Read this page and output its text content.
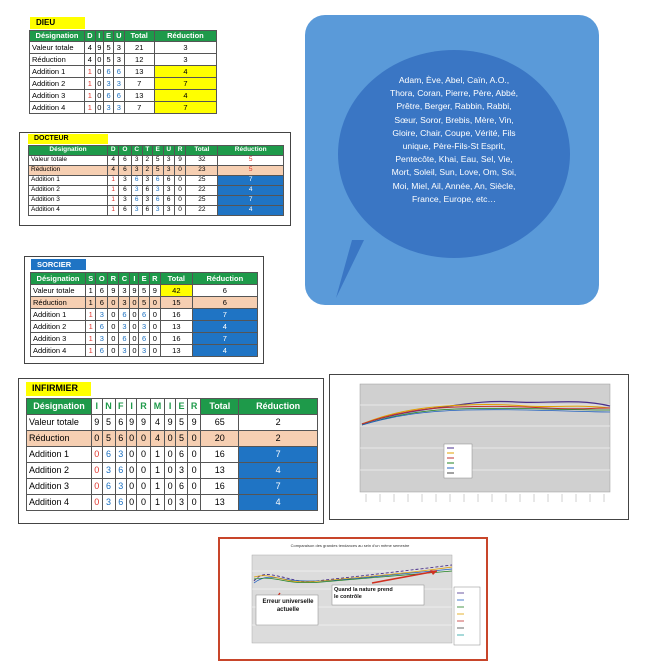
DIEU
Désignation	D	I	E	U	Total	Réduction
Valeur totale	4	9	5	3	21	3
Réduction	4	0	5	3	12	3
Addition 1	1	0	6	6	13	4
Addition 2	1	0	3	3	7	7
Addition 3	1	0	6	6	13	4
Addition 4	1	0	3	3	7	7
DOCTEUR
Désignation	D	O	C	T	E	U	R	Total	Réduction
Valeur totale	4	6	3	2	5	3	9	32	5
Réduction	4	6	3	2	5	3	0	23	5
Addition 1	1	3	6	3	6	6	0	25	7
Addition 2	1	6	3	6	3	3	0	22	4
Addition 3	1	3	6	3	6	6	0	25	7
Addition 4	1	6	3	6	3	3	0	22	4
SORCIER
Désignation	S	O	R	C	I	E	R	Total	Réduction
Valeur totale	1	6	9	3	9	5	9	42	6
Réduction	1	6	0	3	0	5	0	15	6
Addition 1	1	3	0	6	0	6	0	16	7
Addition 2	1	6	0	3	0	3	0	13	4
Addition 3	1	3	0	6	0	6	0	16	7
Addition 4	1	6	0	3	0	3	0	13	4
Adam, Ève, Abel, Caïn, A.O.,
Thora, Coran, Pierre, Père, Abbé,
Prêtre, Berger, Rabbin, Rabbi,
Sœur, Soror, Brebis, Mère, Vin,
Gloire, Chair, Coupe, Vérité, Fils
unique, Père-Fils-St Esprit,
Pentecôte, Khai, Eau, Sel, Vie,
Mort, Soleil, Sun, Love, Om, Soi,
Moi, Miel, Ail, Année, An, Siècle,
France, Europe, etc…
INFIRMIER
Désignation	I	N	F	I	R	M	I	E	R	Total	Réduction
Valeur totale	9	5	6	9	9	4	9	5	9	65	2
Réduction	0	5	6	0	0	4	0	5	0	20	2
Addition 1	0	6	3	0	0	1	0	6	0	16	7
Addition 2	0	3	6	0	0	1	0	3	0	13	4
Addition 3	0	6	3	0	0	1	0	6	0	16	7
Addition 4	0	3	6	0	0	1	0	3	0	13	4
Comparaison des grandes tendances au sein d'un même semestre
Erreur universelle
actuelle
Quand la nature prend
le contrôle
